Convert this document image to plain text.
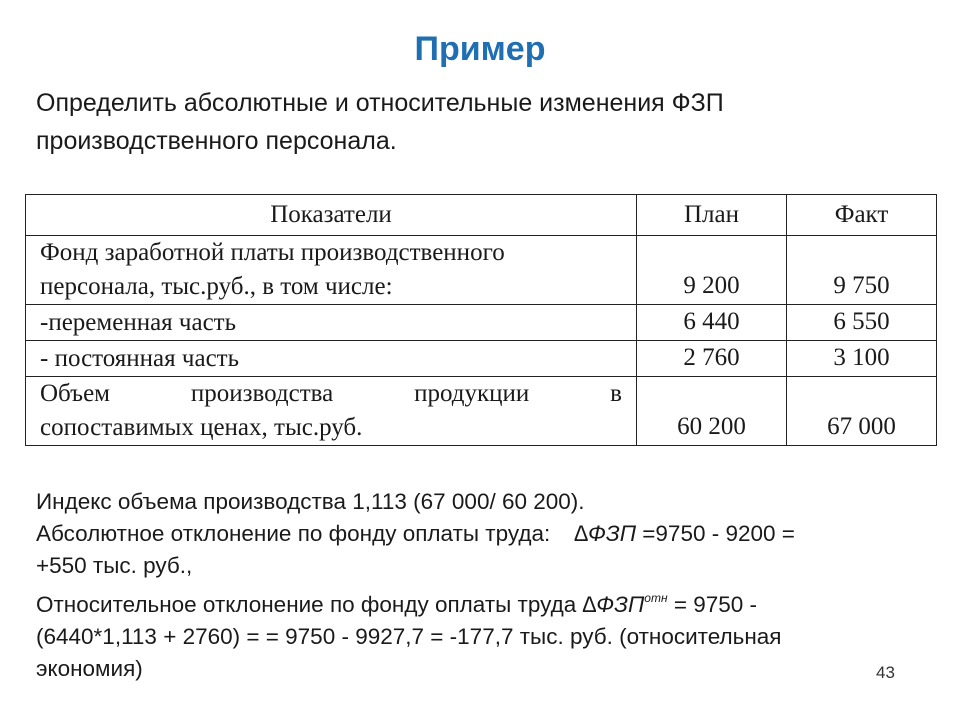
Пример
Определить абсолютные и относительные изменения ФЗП
производственного персонала.
Показатели	План	Факт

Фонд заработной платы производственного
персонала, тыс.руб., в том числе:	9 200	9 750

-переменная часть	6 440	6 550

- постоянная часть	2 760	3 100

Объем производства продукции в
сопоставимых ценах, тыс.руб.	60 200	67 000
Индекс объема производства 1,113 (67 000/ 60 200).
Абсолютное отклонение по фонду оплаты труда: ∆ФЗП =9750 - 9200 =
+550 тыс. руб.,
Относительное отклонение по фонду оплаты труда $\Delta ФЗП^{отн} = 9750$ -
(6440*1,113 + 2760) = = 9750 - 9927,7 = -177,7 тыс. руб. (относительная
экономия)	43
